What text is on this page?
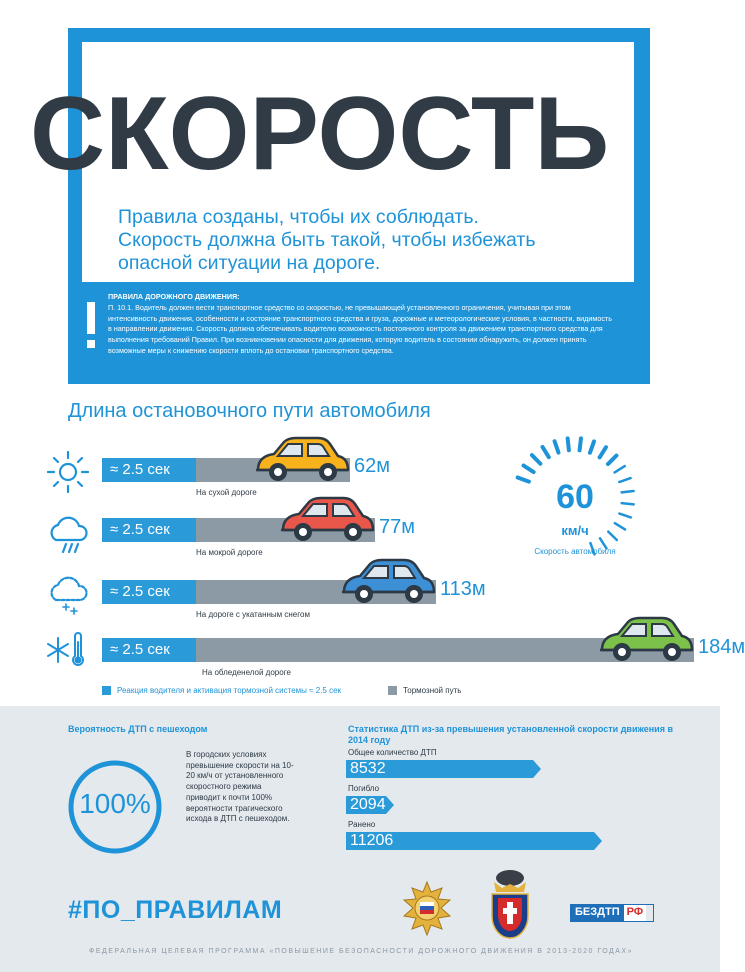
СКОРОСТЬ
Правила созданы, чтобы их соблюдать.
Скорость должна быть такой, чтобы избежать
опасной ситуации на дороге.
ПРАВИЛА ДОРОЖНОГО ДВИЖЕНИЯ:
П. 10.1. Водитель должен вести транспортное средство со скоростью, не превышающей установленного ограничения, учитывая при этом интенсивность движения, особенности и состояние транспортного средства и груза, дорожные и метеорологические условия, в частности, видимость в направлении движения. Скорость должна обеспечивать водителю возможность постоянного контроля за движением транспортного средства для выполнения требований Правил. При возникновении опасности для движения, которую водитель в состоянии обнаружить, он должен принять возможные меры к снижению скорости вплоть до остановки транспортного средства.
Длина остановочного пути автомобиля
≈ 2.5 сек
На сухой дороге
62м
≈ 2.5 сек
На мокрой дороге
77м
≈ 2.5 сек
На дороге с укатанным снегом
113м
≈ 2.5 сек
На обледенелой дороге
184м
60
км/ч
Скорость автомобиля
Реакция водителя и активация тормозной системы ≈ 2.5 сек	Тормозной путь
Вероятность ДТП с пешеходом
100%
В городских условиях превышение скорости на 10-20 км/ч от установленного скоростного режима приводит к почти 100% вероятности трагического исхода в ДТП с пешеходом.
Статистика ДТП из-за превышения установленной скорости движения в 2014 году
Общее количество ДТП
8532
Погибло
2094
Ранено
11206
#ПО_ПРАВИЛАМ	БЕЗДТП РФ
ФЕДЕРАЛЬНАЯ ЦЕЛЕВАЯ ПРОГРАММА «ПОВЫШЕНИЕ БЕЗОПАСНОСТИ ДОРОЖНОГО ДВИЖЕНИЯ В 2013-2020 ГОДАХ»
